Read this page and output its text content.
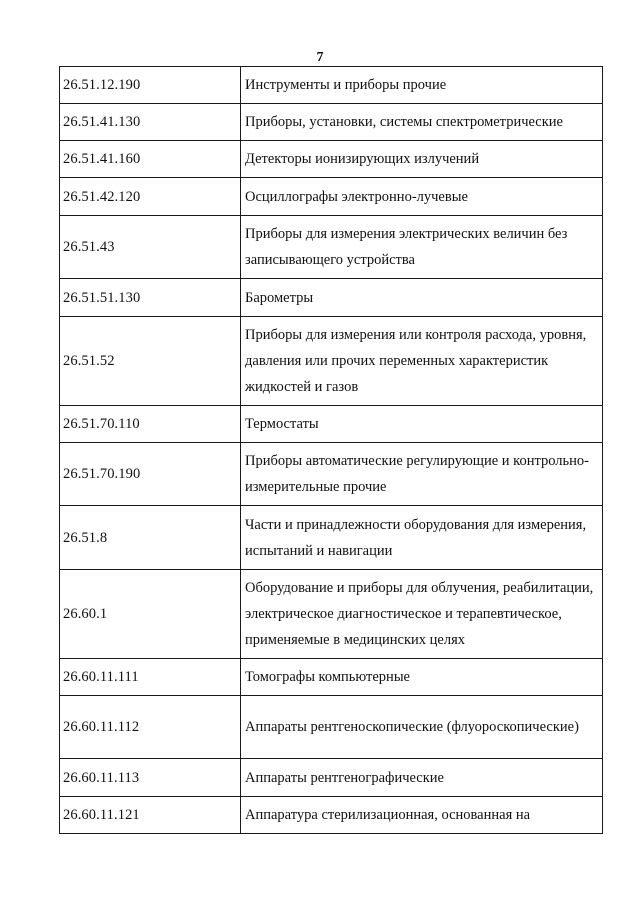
7
26.51.12.190	Инструменты и приборы прочие
26.51.41.130	Приборы, установки, системы спектрометрические
26.51.41.160	Детекторы ионизирующих излучений
26.51.42.120	Осциллографы электронно-лучевые
26.51.43	Приборы для измерения электрических величин без записывающего устройства
26.51.51.130	Барометры
26.51.52	Приборы для измерения или контроля расхода, уровня, давления или прочих переменных характеристик жидкостей и газов
26.51.70.110	Термостаты
26.51.70.190	Приборы автоматические регулирующие и контрольно-измерительные прочие
26.51.8	Части и принадлежности оборудования для измерения, испытаний и навигации
26.60.1	Оборудование и приборы для облучения, реабилитации, электрическое диагностическое и терапевтическое, применяемые в медицинских целях
26.60.11.111	Томографы компьютерные
26.60.11.112	Аппараты рентгеноскопические (флуороскопические)
26.60.11.113	Аппараты рентгенографические
26.60.11.121	Аппаратура стерилизационная, основанная на
